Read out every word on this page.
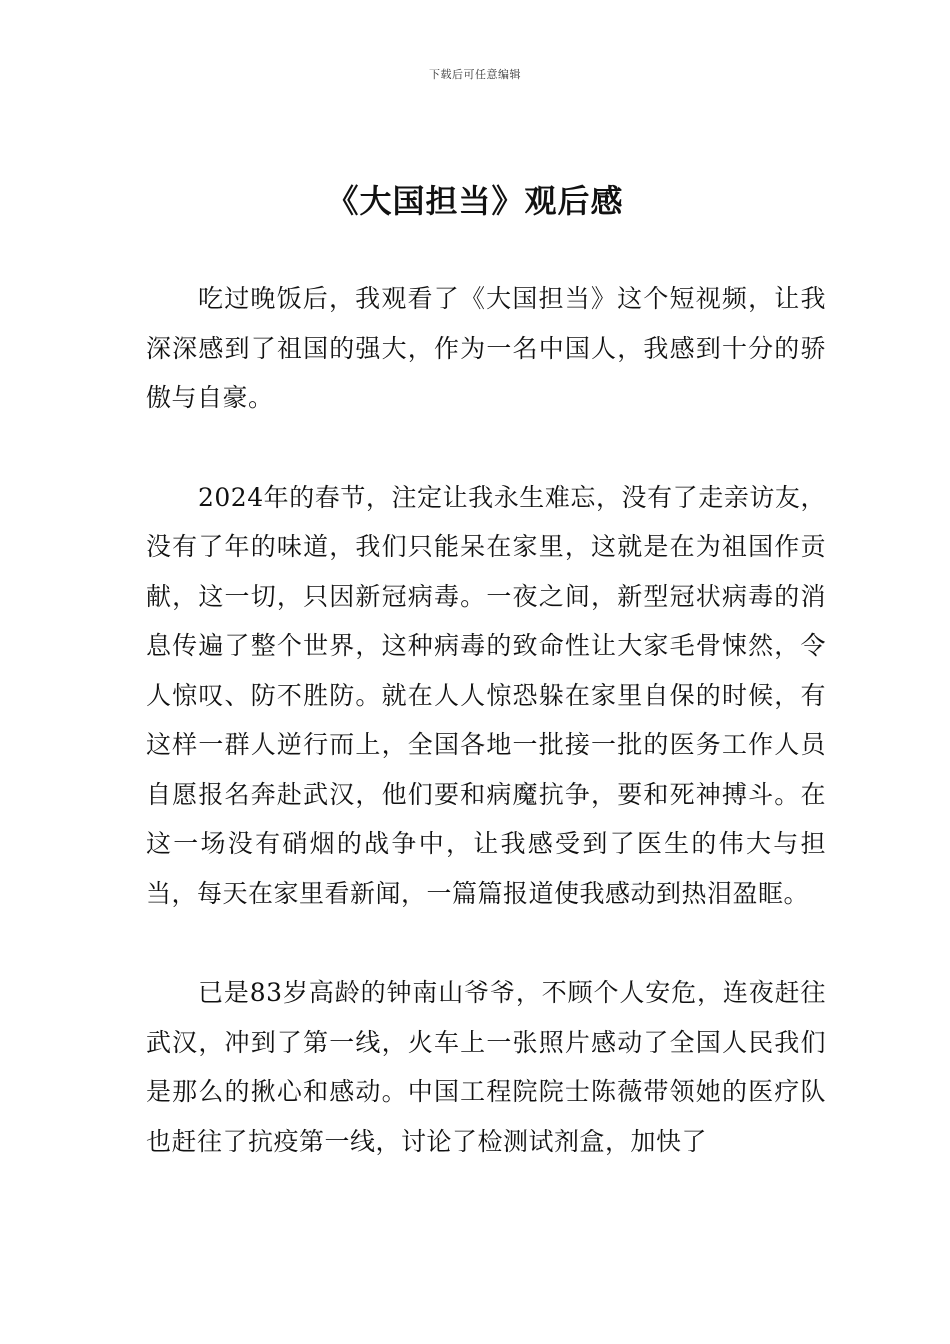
下载后可任意编辑
《大国担当》观后感

吃过晚饭后，我观看了《大国担当》这个短视频，让我深深感到了祖国的强大，作为一名中国人，我感到十分的骄傲与自豪。

2024年的春节，注定让我永生难忘，没有了走亲访友，没有了年的味道，我们只能呆在家里，这就是在为祖国作贡献，这一切，只因新冠病毒。一夜之间，新型冠状病毒的消息传遍了整个世界，这种病毒的致命性让大家毛骨悚然，令人惊叹、防不胜防。就在人人惊恐躲在家里自保的时候，有这样一群人逆行而上，全国各地一批接一批的医务工作人员自愿报名奔赴武汉，他们要和病魔抗争，要和死神搏斗。在这一场没有硝烟的战争中，让我感受到了医生的伟大与担当，每天在家里看新闻，一篇篇报道使我感动到热泪盈眶。

已是83岁高龄的钟南山爷爷，不顾个人安危，连夜赶往武汉，冲到了第一线，火车上一张照片感动了全国人民我们是那么的揪心和感动。中国工程院院士陈薇带领她的医疗队也赶往了抗疫第一线，讨论了检测试剂盒，加快了
